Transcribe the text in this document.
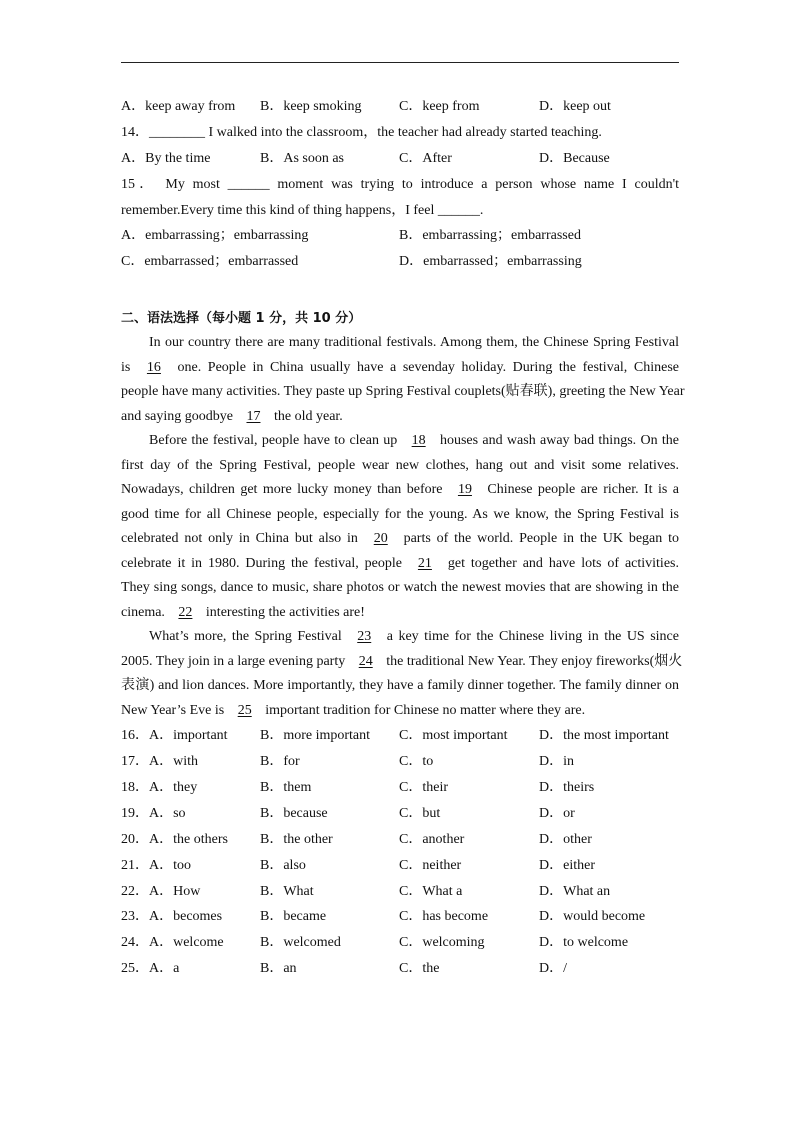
A．keep away from B．keep smoking	C．keep from	D．keep out
14．________ I walked into the classroom，the teacher had already started teaching.
A．By the time	B．As soon as	C．After	D．Because
15． My most ______ moment was trying to introduce a person whose name I couldn't
remember.Every time this kind of thing happens，I feel ______.
A．embarrassing；embarrassing	B．embarrassing；embarrassed
C．embarrassed；embarrassed	D．embarrassed；embarrassing
二、语法选择（每小题 1 分，共 10 分）
In our country there are many traditional festivals. Among them, the Chinese Spring Festival
is 16 one. People in China usually have a sevenday holiday. During the festival, Chinese
people have many activities. They paste up Spring Festival couplets(贴春联), greeting the New Year
and saying goodbye 17 the old year.
Before the festival, people have to clean up 18 houses and wash away bad things. On the
first day of the Spring Festival, people wear new clothes, hang out and visit some relatives.
Nowadays, children get more lucky money than before 19 Chinese people are richer. It is a
good time for all Chinese people, especially for the young. As we know, the Spring Festival is
celebrated not only in China but also in 20 parts of the world. People in the UK began to
celebrate it in 1980. During the festival, people 21 get together and have lots of activities.
They sing songs, dance to music, share photos or watch the newest movies that are showing in the
cinema. 22 interesting the activities are!
What’s more, the Spring Festival 23 a key time for the Chinese living in the US since
2005. They join in a large evening party 24 the traditional New Year. They enjoy fireworks(烟火
表演) and lion dances. More importantly, they have a family dinner together. The family dinner on
New Year’s Eve is 25 important tradition for Chinese no matter where they are.
16． A．important B．more important C．most important D．the most important
17． A．with	B．for	C．to	D．in
18． A．they	B．them	C．their	D．theirs
19． A．so	B．because	C．but	D．or
20． A．the others B．the other	C．another	D．other
21． A．too	B．also	C．neither	D．either
22． A．How	B．What	C．What a	D．What an
23． A．becomes	B．became	C．has become	D．would become
24． A．welcome	B．welcomed	C．welcoming	D．to welcome
25． A．a	B．an	C．the	D．/
